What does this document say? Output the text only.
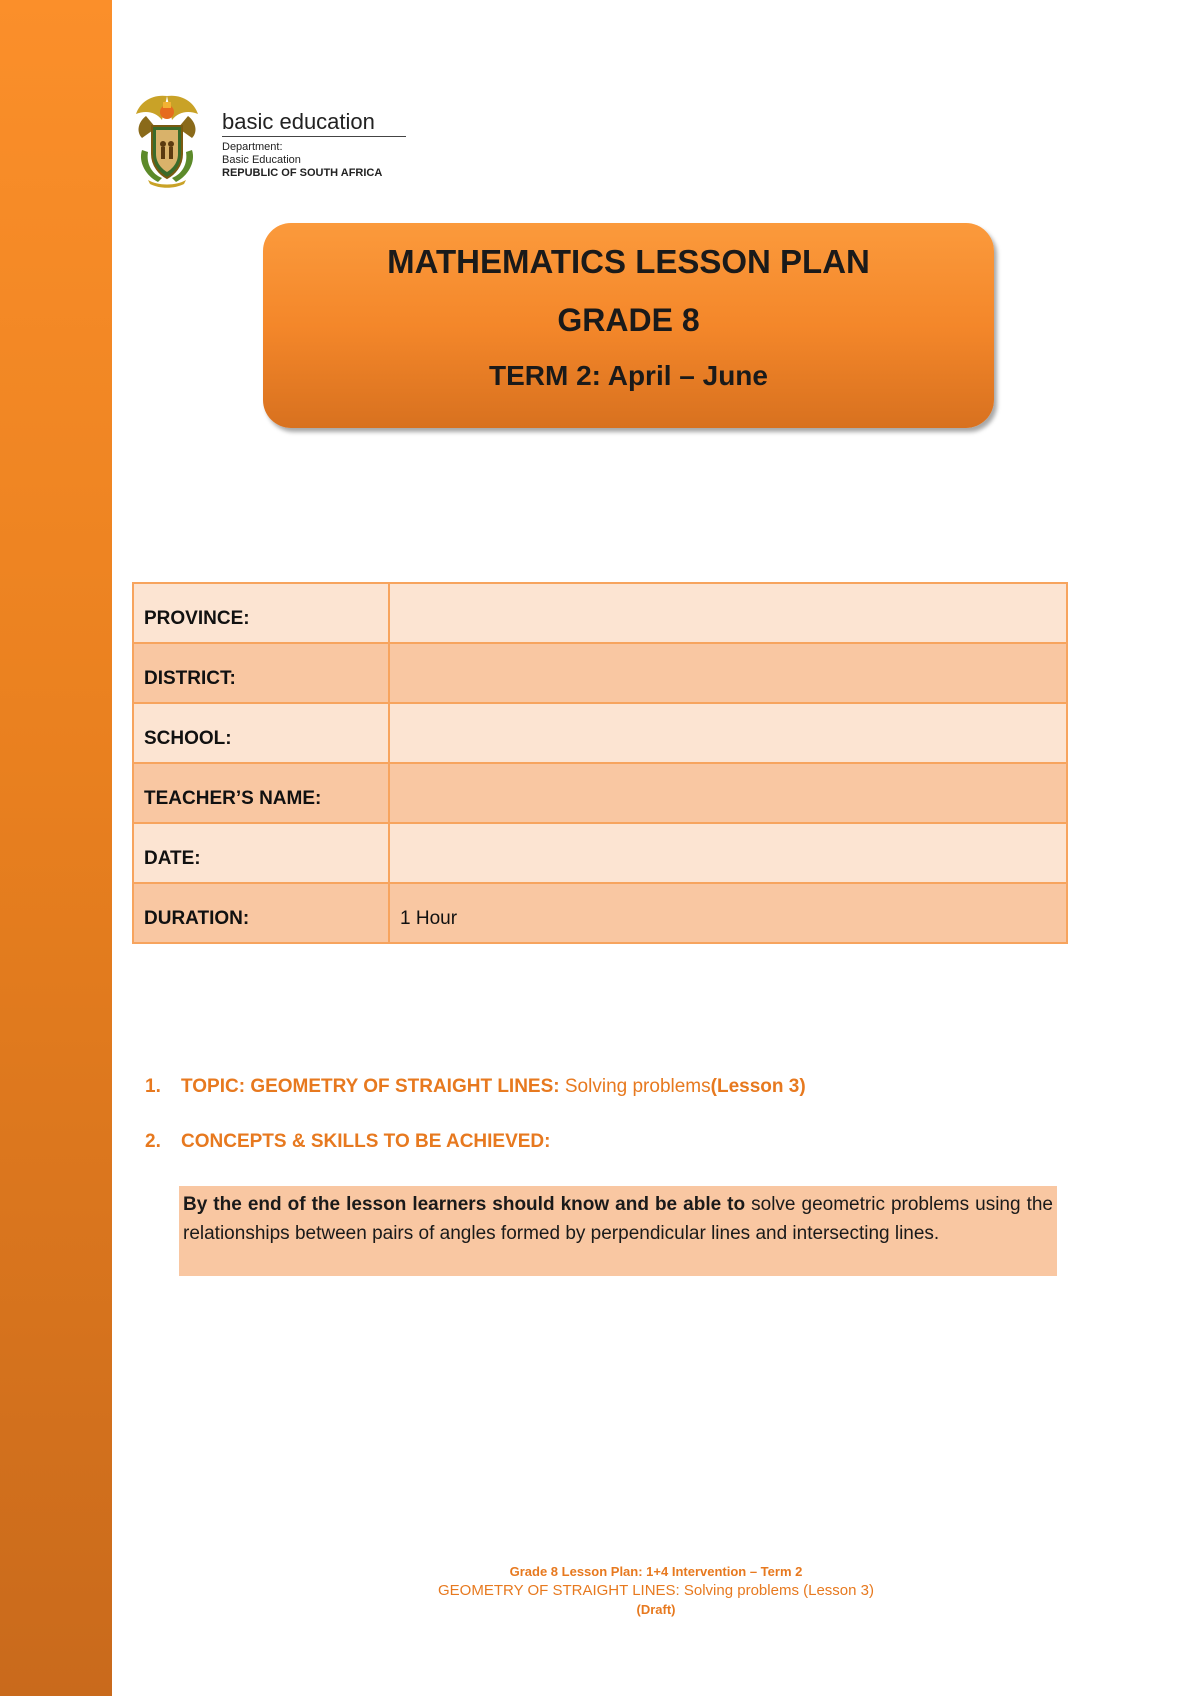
basic education
Department:
Basic Education
REPUBLIC OF SOUTH AFRICA
MATHEMATICS LESSON PLAN
GRADE 8
TERM 2: April – June
PROVINCE:	
DISTRICT:	
SCHOOL:	
TEACHER’S NAME:	
DATE:	
DURATION:	1 Hour
1. TOPIC: GEOMETRY OF STRAIGHT LINES: Solving problems(Lesson 3)
2. CONCEPTS & SKILLS TO BE ACHIEVED:
By the end of the lesson learners should know and be able to solve geometric problems using the relationships between pairs of angles formed by perpendicular lines and intersecting lines.
Grade 8 Lesson Plan: 1+4 Intervention – Term 2
GEOMETRY OF STRAIGHT LINES: Solving problems (Lesson 3)
(Draft)
